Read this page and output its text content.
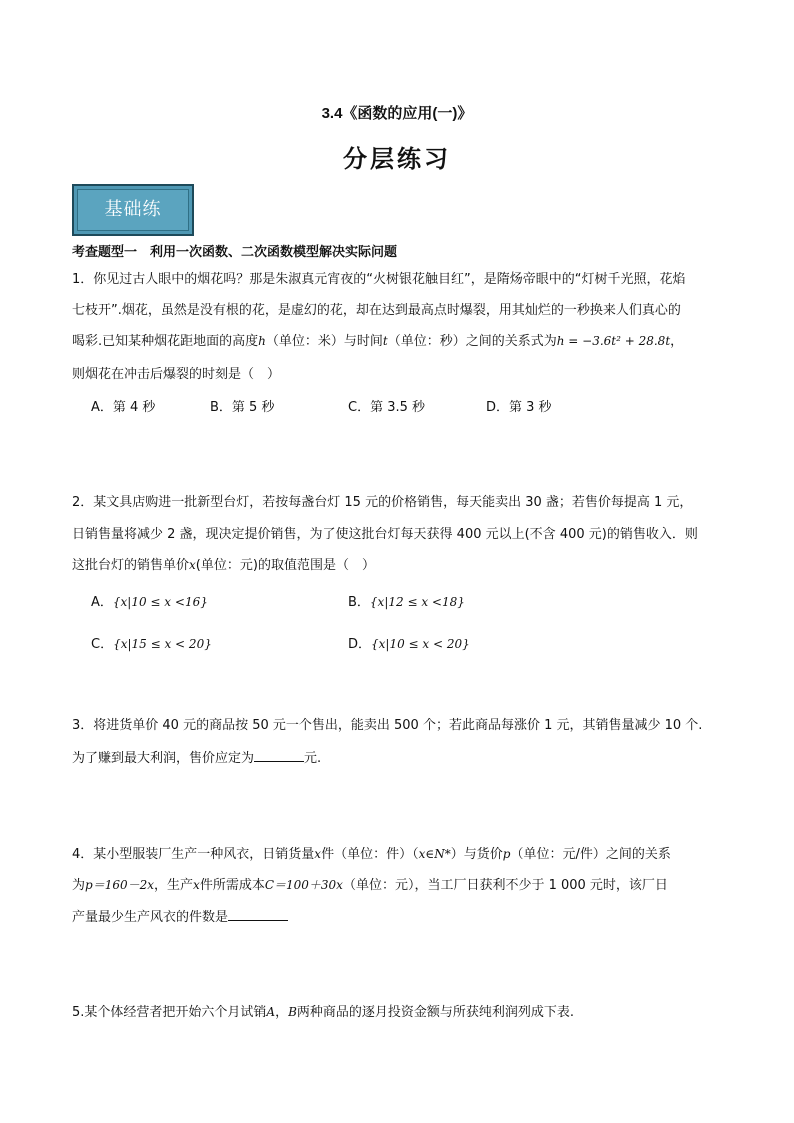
3.4《函数的应用(一)》
分层练习
基础练
考查题型一　利用一次函数、二次函数模型解决实际问题
1．你见过古人眼中的烟花吗？那是朱淑真元宵夜的“火树银花触目红”，是隋炀帝眼中的“灯树千光照，花焰
七枝开”.烟花，虽然是没有根的花，是虚幻的花，却在达到最高点时爆裂，用其灿烂的一秒换来人们真心的
喝彩.已知某种烟花距地面的高度h（单位：米）与时间t（单位：秒）之间的关系式为h = −3.6t² + 28.8t，
则烟花在冲击后爆裂的时刻是（　）
A．第 4 秒	B．第 5 秒	C．第 3.5 秒	D．第 3 秒
2．某文具店购进一批新型台灯，若按每盏台灯 15 元的价格销售，每天能卖出 30 盏；若售价每提高 1 元，
日销售量将减少 2 盏，现决定提价销售，为了使这批台灯每天获得 400 元以上(不含 400 元)的销售收入．则
这批台灯的销售单价x(单位：元)的取值范围是（　）
A．{x|10 ≤ x <16}	B．{x|12 ≤ x <18}
C．{x|15 ≤ x < 20}	D．{x|10 ≤ x < 20}
3．将进货单价 40 元的商品按 50 元一个售出，能卖出 500 个；若此商品每涨价 1 元，其销售量减少 10 个.
为了赚到最大利润，售价应定为	元.
4．某小型服装厂生产一种风衣，日销货量x件（单位：件）（x∈N*）与货价p（单位：元/件）之间的关系
为p＝160－2x，生产x件所需成本C＝100＋30x（单位：元），当工厂日获利不少于 1 000 元时，该厂日
产量最少生产风衣的件数是
5.某个体经营者把开始六个月试销A，B两种商品的逐月投资金额与所获纯利润列成下表.
